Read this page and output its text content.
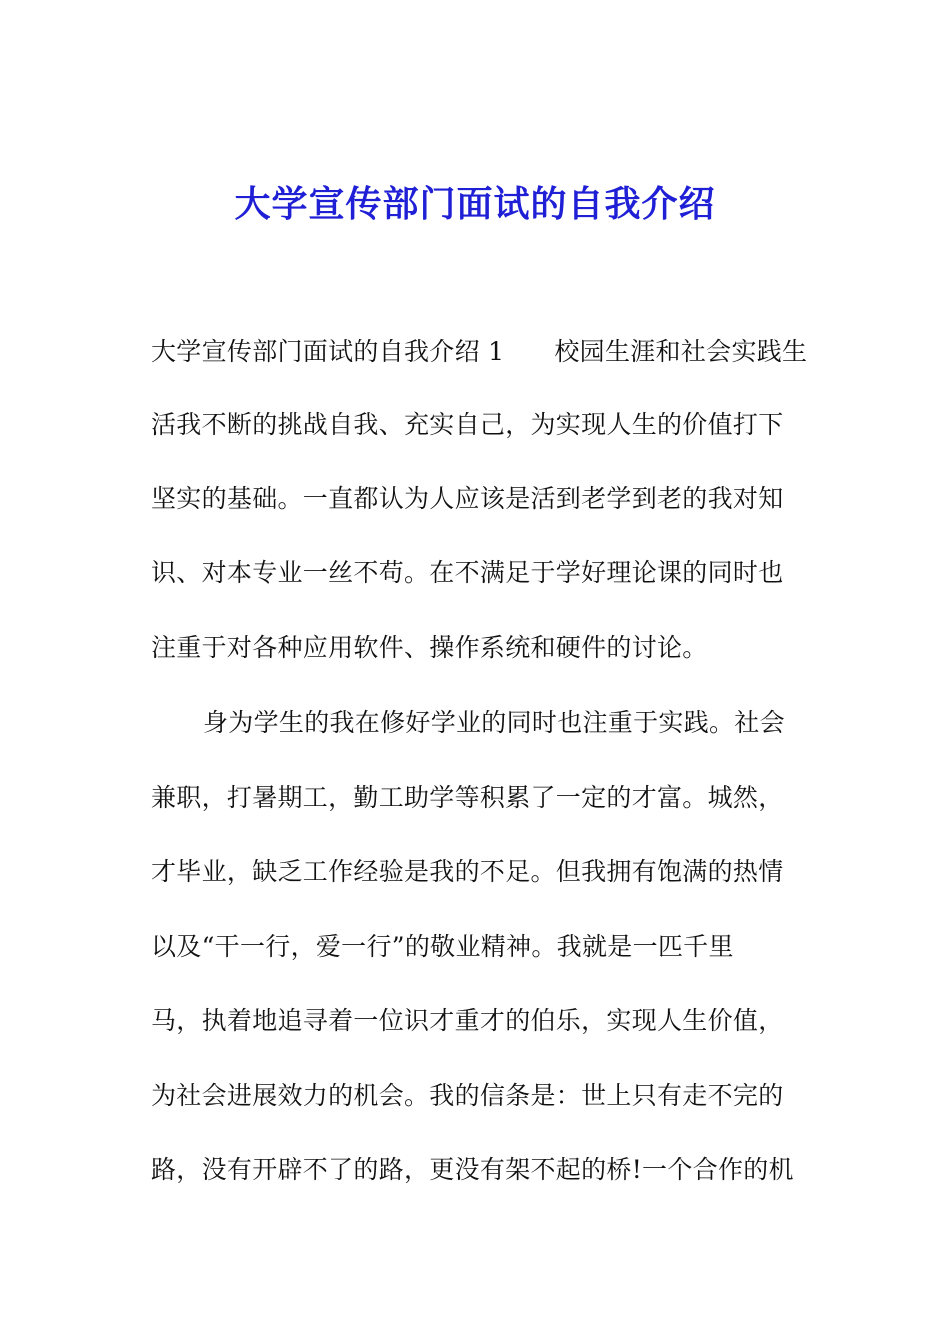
大学宣传部门面试的自我介绍
大学宣传部门面试的自我介绍 1 校园生涯和社会实践生
活我不断的挑战自我、充实自己，为实现人生的价值打下
坚实的基础。一直都认为人应该是活到老学到老的我对知
识、对本专业一丝不苟。在不满足于学好理论课的同时也
注重于对各种应用软件、操作系统和硬件的讨论。
身为学生的我在修好学业的同时也注重于实践。社会
兼职，打暑期工，勤工助学等积累了一定的才富。城然，
才毕业，缺乏工作经验是我的不足。但我拥有饱满的热情
以及“干一行，爱一行”的敬业精神。我就是一匹千里
马，执着地追寻着一位识才重才的伯乐，实现人生价值，
为社会进展效力的机会。我的信条是：世上只有走不完的
路，没有开辟不了的路，更没有架不起的桥!一个合作的机
